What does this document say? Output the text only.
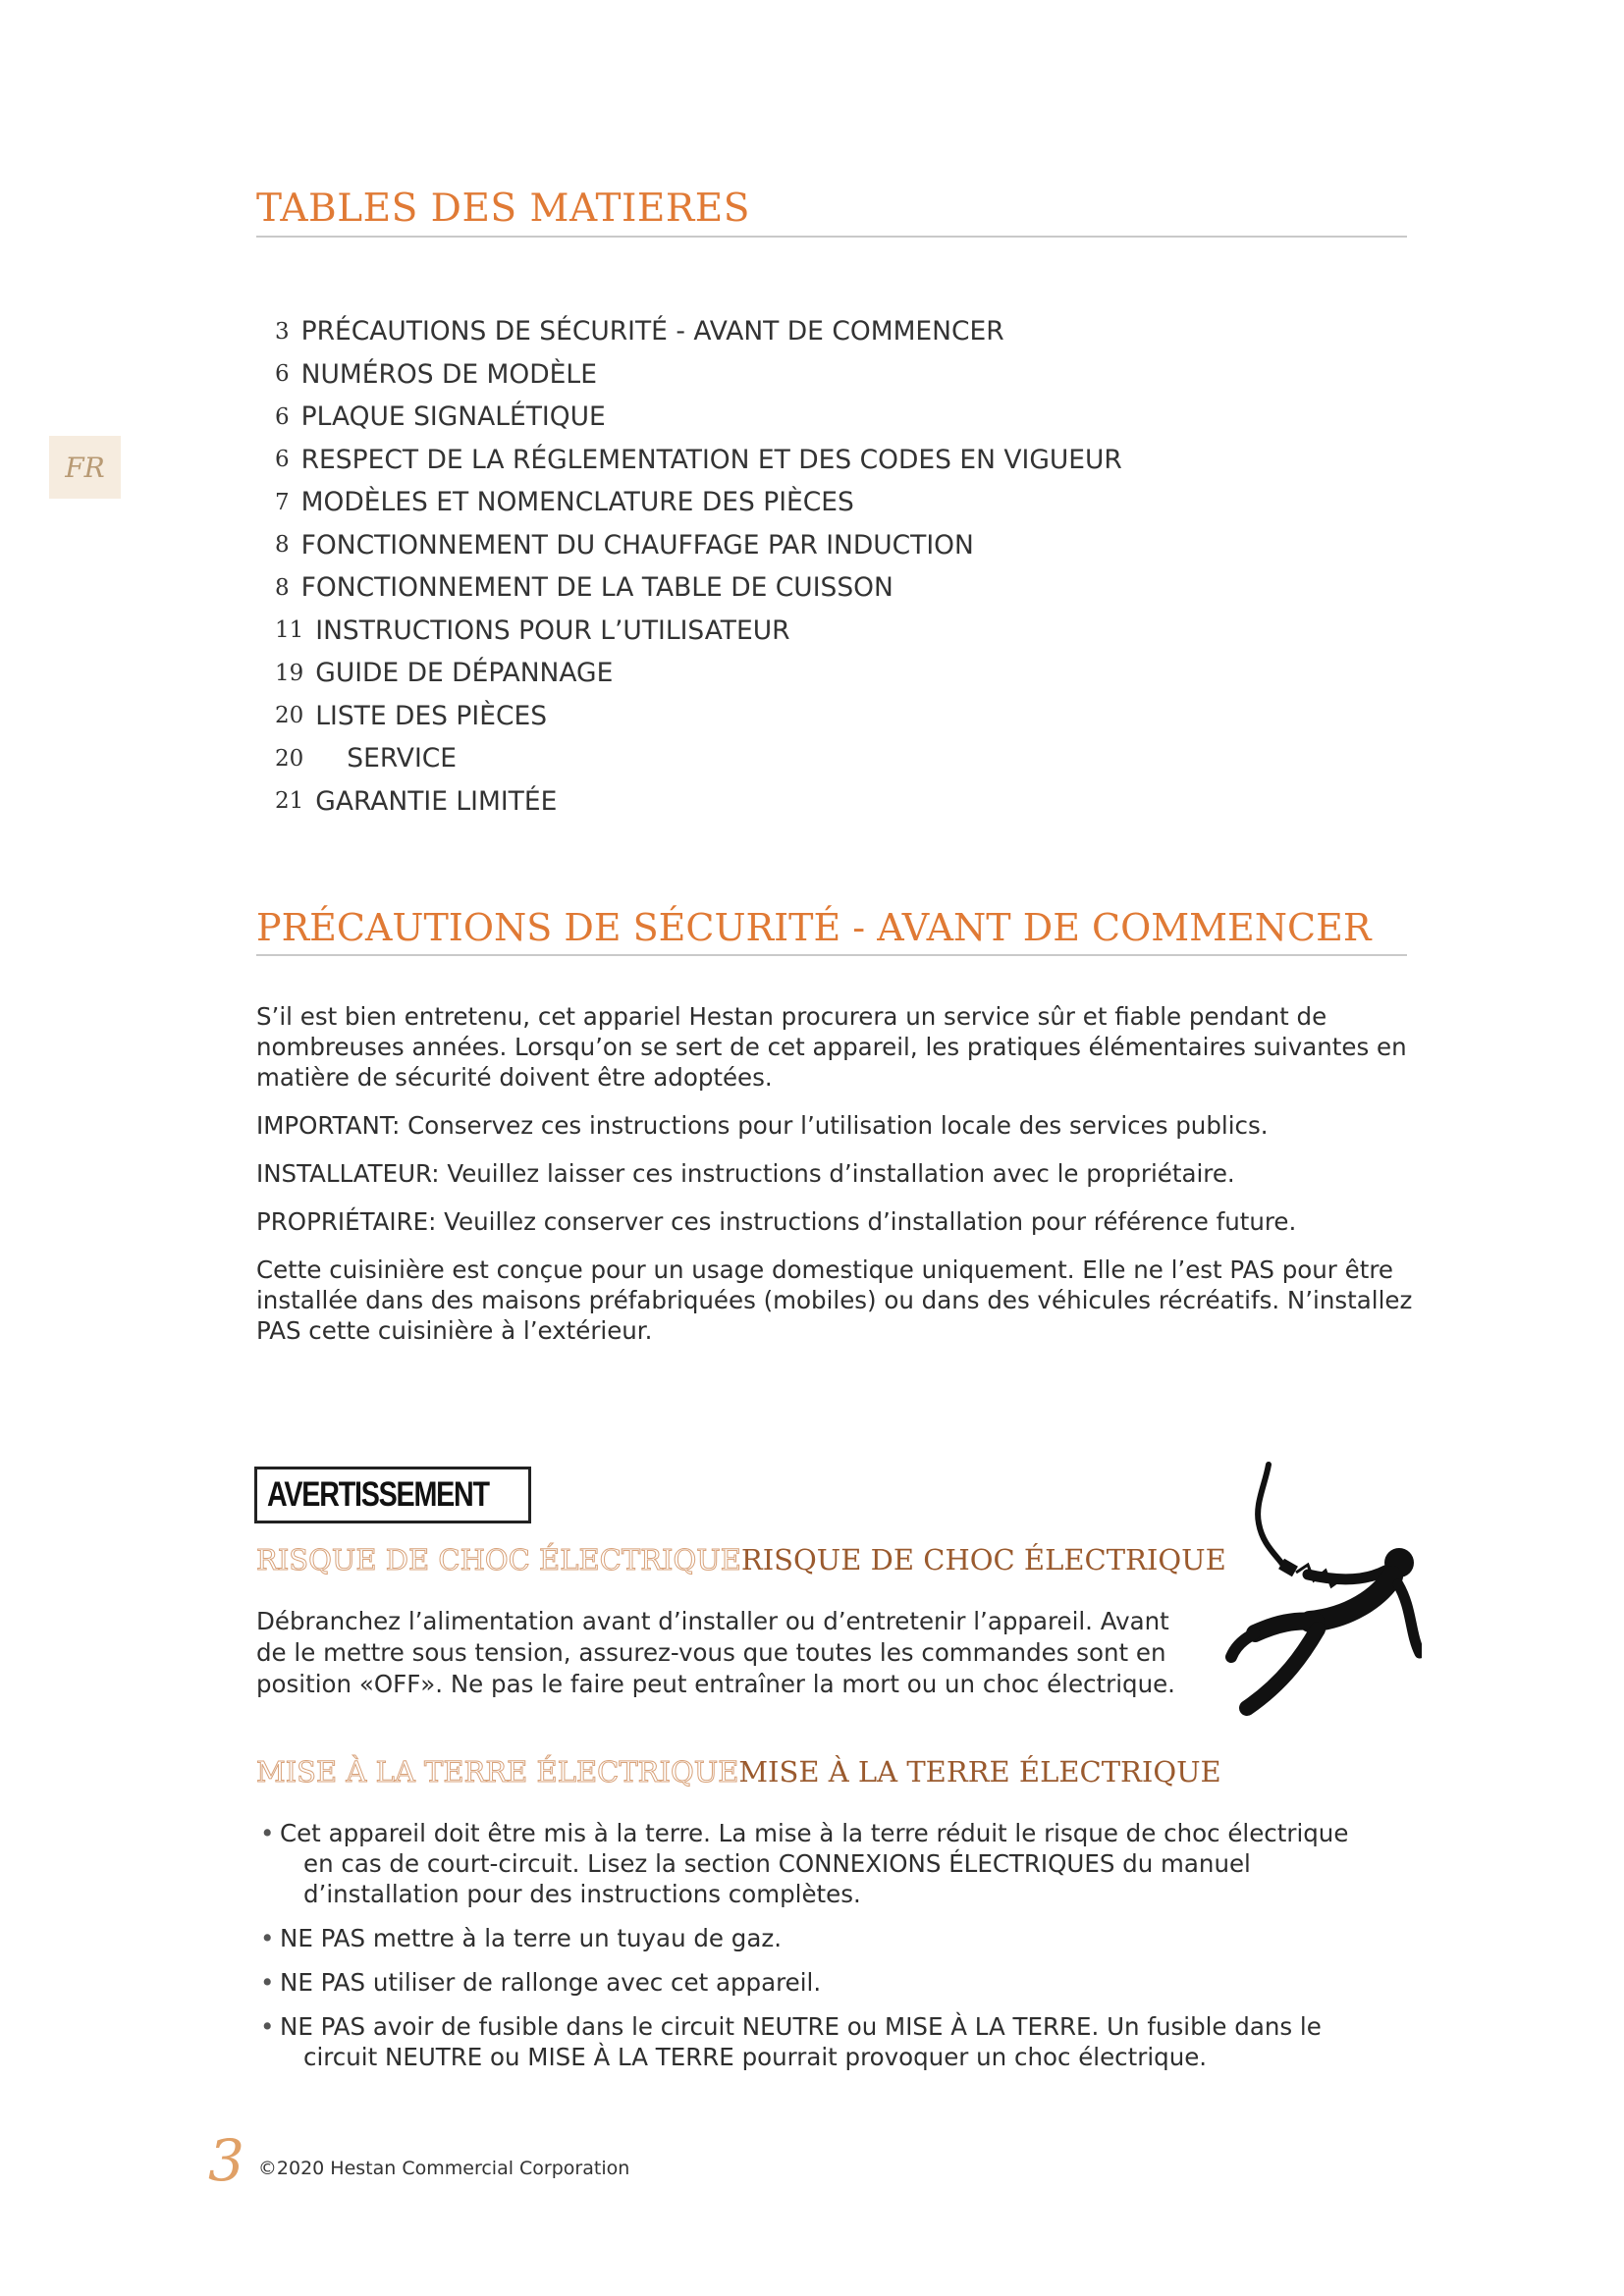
FR
TABLES DES MATIERES
3 PRÉCAUTIONS DE SÉCURITÉ - AVANT DE COMMENCER
6 NUMÉROS DE MODÈLE
6 PLAQUE SIGNALÉTIQUE
6 RESPECT DE LA RÉGLEMENTATION ET DES CODES EN VIGUEUR
7 MODÈLES ET NOMENCLATURE DES PIÈCES
8 FONCTIONNEMENT DU CHAUFFAGE PAR INDUCTION
8 FONCTIONNEMENT DE LA TABLE DE CUISSON
11 INSTRUCTIONS POUR L’UTILISATEUR
19 GUIDE DE DÉPANNAGE
20 LISTE DES PIÈCES
20 SERVICE
21 GARANTIE LIMITÉE
PRÉCAUTIONS DE SÉCURITÉ - AVANT DE COMMENCER

S’il est bien entretenu, cet appariel Hestan procurera un service sûr et fiable pendant de nombreuses années. Lorsqu’on se sert de cet appareil, les pratiques élémentaires suivantes en matière de sécurité doivent être adoptées.

IMPORTANT: Conservez ces instructions pour l’utilisation locale des services publics.

INSTALLATEUR: Veuillez laisser ces instructions d’installation avec le propriétaire.

PROPRIÉTAIRE: Veuillez conserver ces instructions d’installation pour référence future.

Cette cuisinière est conçue pour un usage domestique uniquement. Elle ne l’est PAS pour être installée dans des maisons préfabriquées (mobiles) ou dans des véhicules récréatifs. N’installez PAS cette cuisinière à l’extérieur.

AVERTISSEMENT
RISQUE DE CHOC ÉLECTRIQUERISQUE DE CHOC ÉLECTRIQUE
Débranchez l’alimentation avant d’installer ou d’entretenir l’appareil. Avant de le mettre sous tension, assurez-vous que toutes les commandes sont en position «OFF». Ne pas le faire peut entraîner la mort ou un choc électrique.
MISE À LA TERRE ÉLECTRIQUEMISE À LA TERRE ÉLECTRIQUE
• Cet appareil doit être mis à la terre. La mise à la terre réduit le risque de choc électrique en cas de court-circuit. Lisez la section CONNEXIONS ÉLECTRIQUES du manuel d’installation pour des instructions complètes.
• NE PAS mettre à la terre un tuyau de gaz.
• NE PAS utiliser de rallonge avec cet appareil.
• NE PAS avoir de fusible dans le circuit NEUTRE ou MISE À LA TERRE. Un fusible dans le circuit NEUTRE ou MISE À LA TERRE pourrait provoquer un choc électrique.
3 ©2020 Hestan Commercial Corporation
